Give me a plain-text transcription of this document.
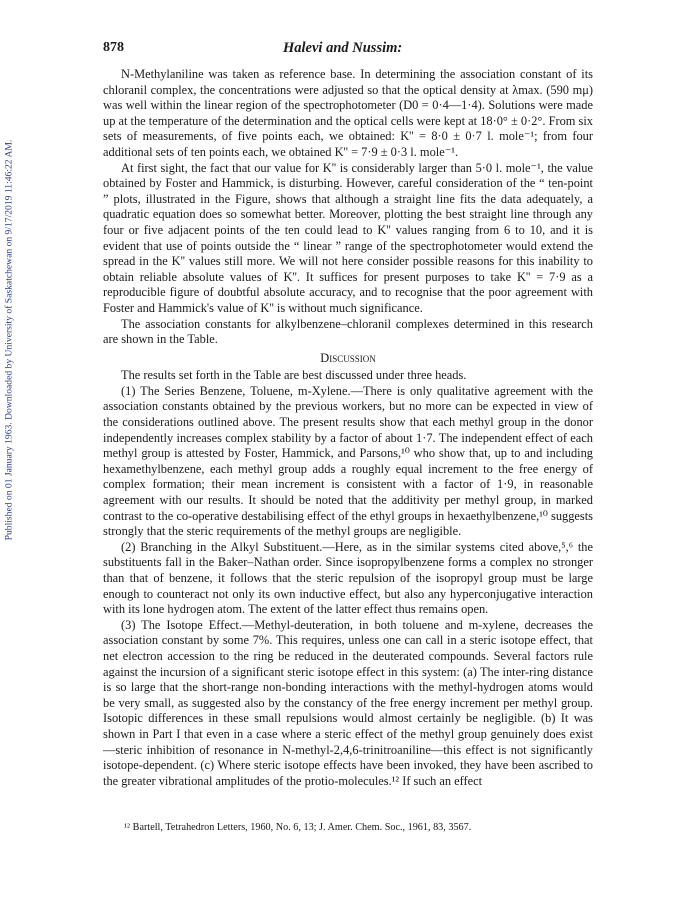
Published on 01 January 1963. Downloaded by University of Saskatchewan on 9/17/2019 11:46:22 AM.
878	Halevi and Nussim:

N-Methylaniline was taken as reference base. In determining the association constant of its chloranil complex, the concentrations were adjusted so that the optical density at λmax. (590 mμ) was well within the linear region of the spectrophotometer (D0 = 0·4—1·4). Solutions were made up at the temperature of the determination and the optical cells were kept at 18·0° ± 0·2°. From six sets of measurements, of five points each, we obtained: K'' = 8·0 ± 0·7 l. mole⁻¹; from four additional sets of ten points each, we obtained K'' = 7·9 ± 0·3 l. mole⁻¹.

At first sight, the fact that our value for K'' is considerably larger than 5·0 l. mole⁻¹, the value obtained by Foster and Hammick, is disturbing. However, careful consideration of the “ ten-point ” plots, illustrated in the Figure, shows that although a straight line fits the data adequately, a quadratic equation does so somewhat better. Moreover, plotting the best straight line through any four or five adjacent points of the ten could lead to K'' values ranging from 6 to 10, and it is evident that use of points outside the “ linear ” range of the spectrophotometer would extend the spread in the K'' values still more. We will not here consider possible reasons for this inability to obtain reliable absolute values of K''. It suffices for present purposes to take K'' = 7·9 as a reproducible figure of doubtful absolute accuracy, and to recognise that the poor agreement with Foster and Hammick's value of K'' is without much significance.

The association constants for alkylbenzene–chloranil complexes determined in this research are shown in the Table.

Discussion

The results set forth in the Table are best discussed under three heads.

(1) The Series Benzene, Toluene, m-Xylene.—There is only qualitative agreement with the association constants obtained by the previous workers, but no more can be expected in view of the considerations outlined above. The present results show that each methyl group in the donor independently increases complex stability by a factor of about 1·7. The independent effect of each methyl group is attested by Foster, Hammick, and Parsons,¹⁰ who show that, up to and including hexamethylbenzene, each methyl group adds a roughly equal increment to the free energy of complex formation; their mean increment is consistent with a factor of 1·9, in reasonable agreement with our results. It should be noted that the additivity per methyl group, in marked contrast to the co-operative destabilising effect of the ethyl groups in hexaethylbenzene,¹⁰ suggests strongly that the steric requirements of the methyl groups are negligible.

(2) Branching in the Alkyl Substituent.—Here, as in the similar systems cited above,⁵,⁶ the substituents fall in the Baker–Nathan order. Since isopropylbenzene forms a complex no stronger than that of benzene, it follows that the steric repulsion of the isopropyl group must be large enough to counteract not only its own inductive effect, but also any hyperconjugative interaction with its lone hydrogen atom. The extent of the latter effect thus remains open.

(3) The Isotope Effect.—Methyl-deuteration, in both toluene and m-xylene, decreases the association constant by some 7%. This requires, unless one can call in a steric isotope effect, that net electron accession to the ring be reduced in the deuterated compounds. Several factors rule against the incursion of a significant steric isotope effect in this system: (a) The inter-ring distance is so large that the short-range non-bonding interactions with the methyl-hydrogen atoms would be very small, as suggested also by the constancy of the free energy increment per methyl group. Isotopic differences in these small repulsions would almost certainly be negligible. (b) It was shown in Part I that even in a case where a steric effect of the methyl group genuinely does exist—steric inhibition of resonance in N-methyl-2,4,6-trinitroaniline—this effect is not significantly isotope-dependent. (c) Where steric isotope effects have been invoked, they have been ascribed to the greater vibrational amplitudes of the protio-molecules.¹² If such an effect

¹² Bartell, Tetrahedron Letters, 1960, No. 6, 13; J. Amer. Chem. Soc., 1961, 83, 3567.
